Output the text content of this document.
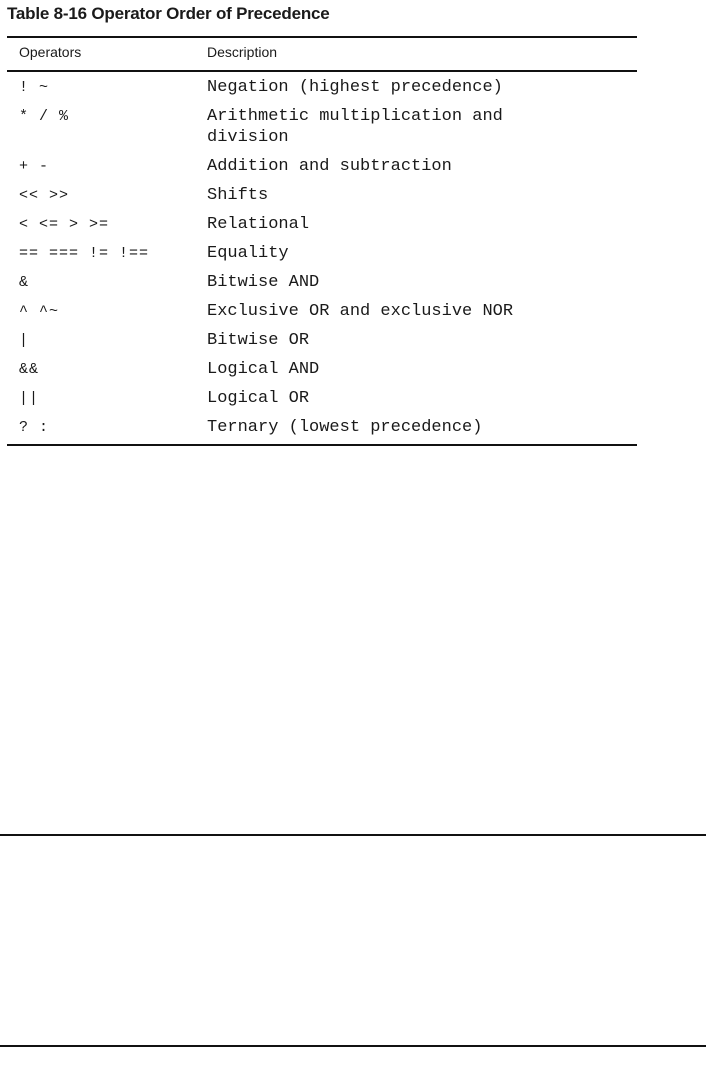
Table 8-16 Operator Order of Precedence
Operators	Description
! ~	Negation (highest precedence)
* / %	Arithmetic multiplication and division
+ -	Addition and subtraction
<< >>	Shifts
< <= > >=	Relational
== === != !==	Equality
&	Bitwise AND
^ ^~	Exclusive OR and exclusive NOR
|	Bitwise OR
&&	Logical AND
||	Logical OR
? :	Ternary (lowest precedence)
